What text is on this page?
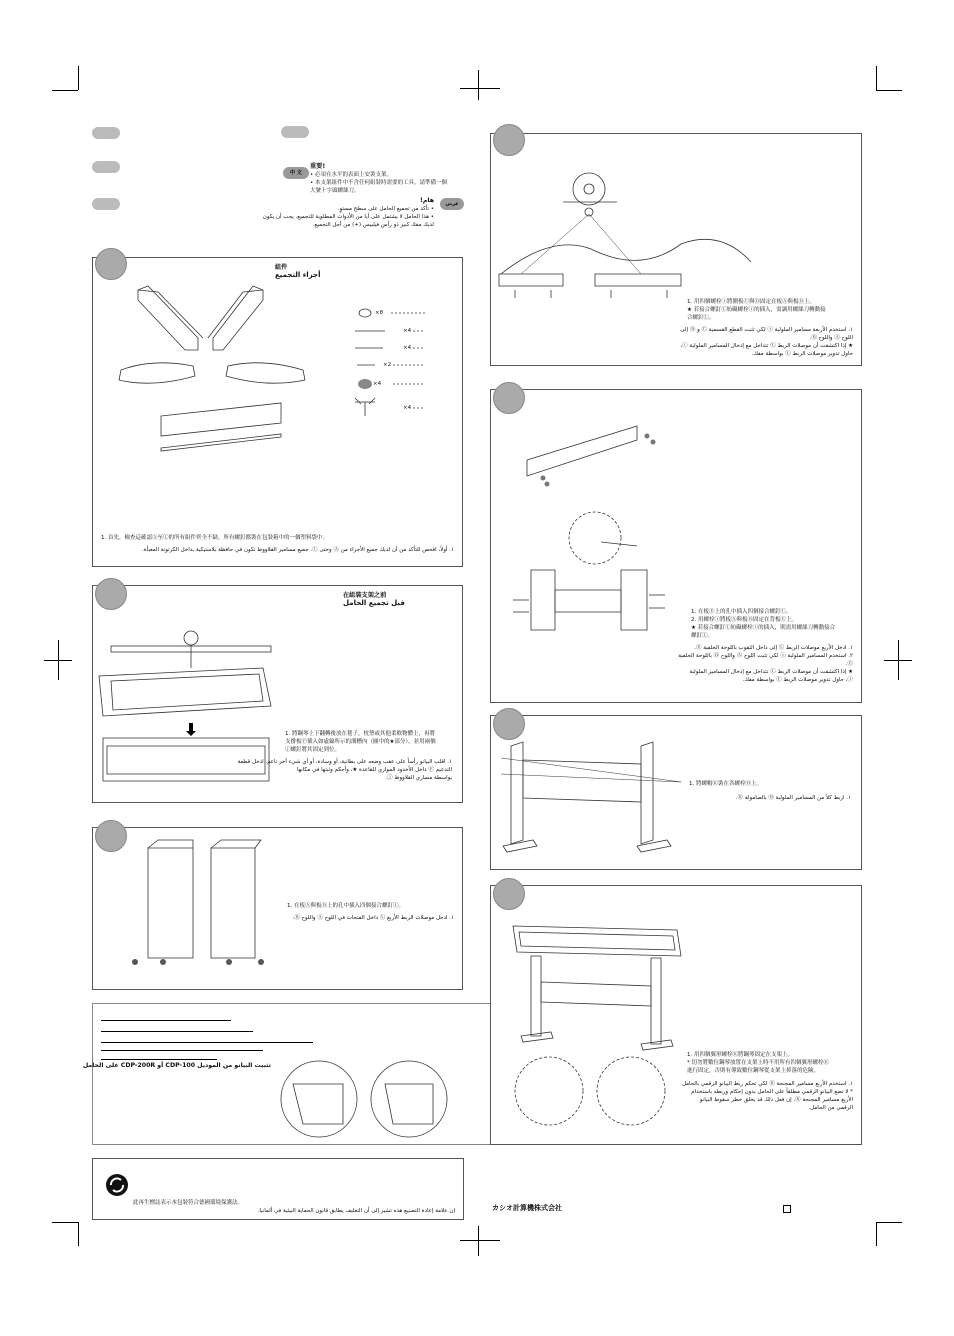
中 文
عربي
重要!
• 必須在水平的表面上安裝支架。
• 本支架組件中不含任何組裝時需要的工具。請準備一個
大號十字頭螺絲刀。
هام!
• تأكد من تجميع الحامل على سطح مستوٍ.
• هذا الحامل لا يشتمل على أيا من الأدوات المطلوبة للتجميع. يجب أن يكون
لديك مفك كبير ذو رأس فيليبس (+) من أجل التجميع.
組件
أجزاء التجميع
×8
×4
×4
×2
×4
×4
1. 首先，檢查這確認Ⓐ至Ⓛ的所有組件齊全不缺。所有螺釘都裝在包裝箱中的一個塑料袋中。
١. أولاً، افحص للتأكد من أن لديك جميع الأجزاء من Ⓐ وحتى Ⓛ. جميع مسامير القلاووظ تكون في حافظة بلاستيكية بداخل الكرتونة المعبأة.
在組裝支架之前
قبل تجميع الحامل
1. 將鋼琴上下翻轉後放在毯子，枕墊或其他柔軟物體上，再將
支撐板Ⓕ插入如虛線所示的溝槽內（圖中的★部分），並用兩個
ⓙ螺釘將其固定到位。
١. اقلب البيانو رأساً على عقب وضعه على بطانية، أو وسادة، أو أي شيء آخر ناعم. ادخل قطعة
التدعيم Ⓕ داخل الأخدود الموازي للقاعدة ★، وأحكم وثبتها في مكانها
بواسطة مساري القلاووظ ⓙ.
1. 在板Ⓐ與板Ⓑ上的孔中插入四個接合螺釘Ⓛ。
١. ادخل موصلات الربط الأربع Ⓛ داخل الفتحات في اللوح Ⓐ واللوح Ⓑ.
تثبيت البيانو من الموديل CDP-100 أو CDP-200R على الحامل
1. 用四個螺栓ⓘ將側板Ⓒ與Ⓓ固定在板Ⓐ與板Ⓑ上。
★ 若接合螺釘Ⓛ妨礙螺栓ⓘ的插入，需調用螺絲刀轉動接
合螺釘Ⓛ。
١. استخدم الأربعة مسامير الملولبة ⓘ لكي تثبت القطع القسمية Ⓒ و Ⓓ إلى
اللوح Ⓐ واللوح Ⓑ.
★ إذا اكتشفت أن موصلات الربط Ⓛ تتداخل مع إدخال المسامير الملولبة ⓘ،
حاول تدوير موصلات الربط Ⓛ بواسطة مفك.
1. 在板Ⓔ上的孔中插入四個接合螺釘Ⓛ。
2. 用螺栓ⓘ將板Ⓐ與板Ⓑ固定在背板Ⓔ上。
★ 若接合螺釘Ⓛ妨礙螺栓ⓘ的插入，則需用螺絲刀轉動接合
螺釘Ⓛ。
١. ادخل الأربع موصلات الربط Ⓛ إلى داخل الثقوب باللوحة الخلفية Ⓔ.
٢. استخدم المسامير الملولبة ⓘ لكي تثبت اللوح Ⓐ واللوح Ⓑ باللوحة الخلفية
Ⓔ.
★ إذا اكتشفت أن موصلات الربط Ⓛ تتداخل مع إدخال المسامير الملولبة
ⓘ، حاول تدوير موصلات الربط Ⓛ بواسطة مفك.
1. 將螺帽Ⓚ裝在各螺栓Ⓗ上。
١. اربط كلاً من المسامير الملولبة Ⓗ بالصامولة Ⓚ.
1. 用四個翼形螺栓Ⓚ將鋼琴固定在支架上。
* 切勿將數位鋼琴放置在支架上時不用所有四個翼形螺栓Ⓚ
進行固定，否則有導致數位鋼琴從支架上掉落的危險。
١. استخدم الأربع مسامير المجنحة Ⓚ لكي تحكم ربط البيانو الرقمي بالحامل
* لا تضع البيانو الرقمي مطلقاً على الحامل بدون إحكام وربطه باستخدام
الأربع مسامير المجنحة Ⓚ. إن فعل ذلك قد يخلق خطر سقوط البيانو
الرقمي من الحامل.
此再生標誌表示本包裝符合德國環境保護法。
إن علامة إعادة التصنيع هذه تشير إلى أن التغليف يطابق قانون الحماية البيئية في ألمانيا.	カシオ計算機株式会社
